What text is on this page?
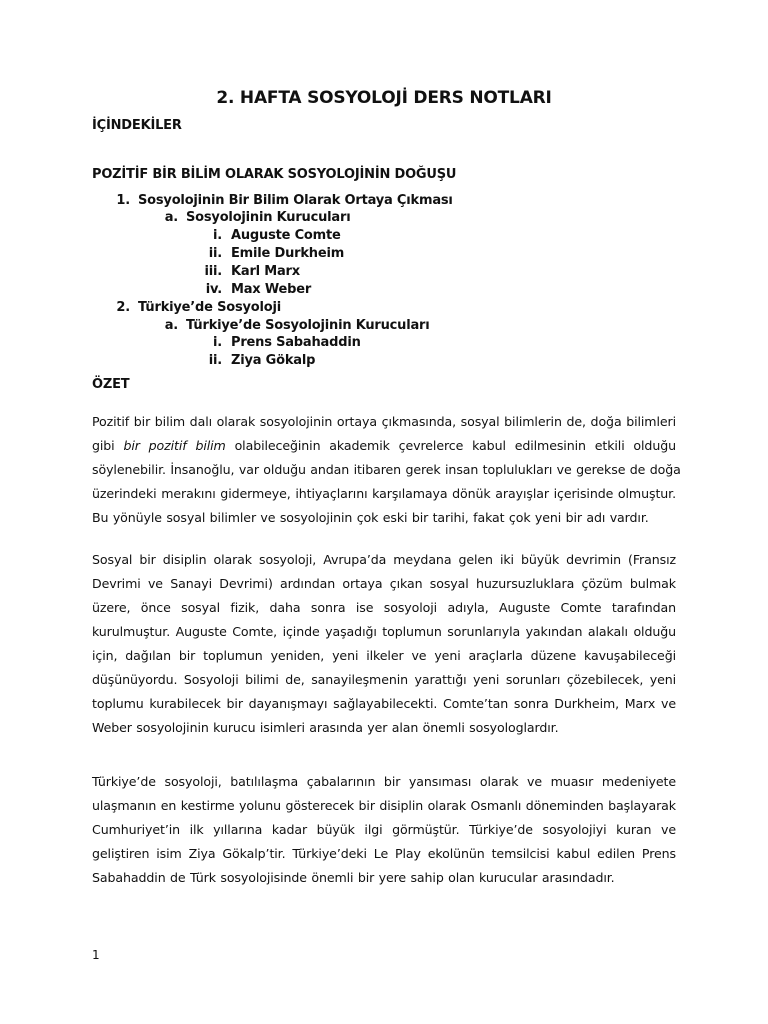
2. HAFTA SOSYOLOJİ DERS NOTLARI
İÇİNDEKİLER
POZİTİF BİR BİLİM OLARAK SOSYOLOJİNİN DOĞUŞU
1. Sosyolojinin Bir Bilim Olarak Ortaya Çıkması
a. Sosyolojinin Kurucuları
i. Auguste Comte
ii. Emile Durkheim
iii. Karl Marx
iv. Max Weber
2. Türkiye’de Sosyoloji
a. Türkiye’de Sosyolojinin Kurucuları
i. Prens Sabahaddin
ii. Ziya Gökalp
ÖZET
Pozitif bir bilim dalı olarak sosyolojinin ortaya çıkmasında, sosyal bilimlerin de, doğa bilimleri
gibi bir pozitif bilim olabileceğinin akademik çevrelerce kabul edilmesinin etkili olduğu
söylenebilir. İnsanoğlu, var olduğu andan itibaren gerek insan toplulukları ve gerekse de doğa
üzerindeki merakını gidermeye, ihtiyaçlarını karşılamaya dönük arayışlar içerisinde olmuştur.
Bu yönüyle sosyal bilimler ve sosyolojinin çok eski bir tarihi, fakat çok yeni bir adı vardır.
Sosyal bir disiplin olarak sosyoloji, Avrupa’da meydana gelen iki büyük devrimin (Fransız
Devrimi ve Sanayi Devrimi) ardından ortaya çıkan sosyal huzursuzluklara çözüm bulmak
üzere, önce sosyal fizik, daha sonra ise sosyoloji adıyla, Auguste Comte tarafından
kurulmuştur. Auguste Comte, içinde yaşadığı toplumun sorunlarıyla yakından alakalı olduğu
için, dağılan bir toplumun yeniden, yeni ilkeler ve yeni araçlarla düzene kavuşabileceği
düşünüyordu. Sosyoloji bilimi de, sanayileşmenin yarattığı yeni sorunları çözebilecek, yeni
toplumu kurabilecek bir dayanışmayı sağlayabilecekti. Comte’tan sonra Durkheim, Marx ve
Weber sosyolojinin kurucu isimleri arasında yer alan önemli sosyologlardır.
Türkiye’de sosyoloji, batılılaşma çabalarının bir yansıması olarak ve muasır medeniyete
ulaşmanın en kestirme yolunu gösterecek bir disiplin olarak Osmanlı döneminden başlayarak
Cumhuriyet’in ilk yıllarına kadar büyük ilgi görmüştür. Türkiye’de sosyolojiyi kuran ve
geliştiren isim Ziya Gökalp’tir. Türkiye’deki Le Play ekolünün temsilcisi kabul edilen Prens
Sabahaddin de Türk sosyolojisinde önemli bir yere sahip olan kurucular arasındadır.

1
